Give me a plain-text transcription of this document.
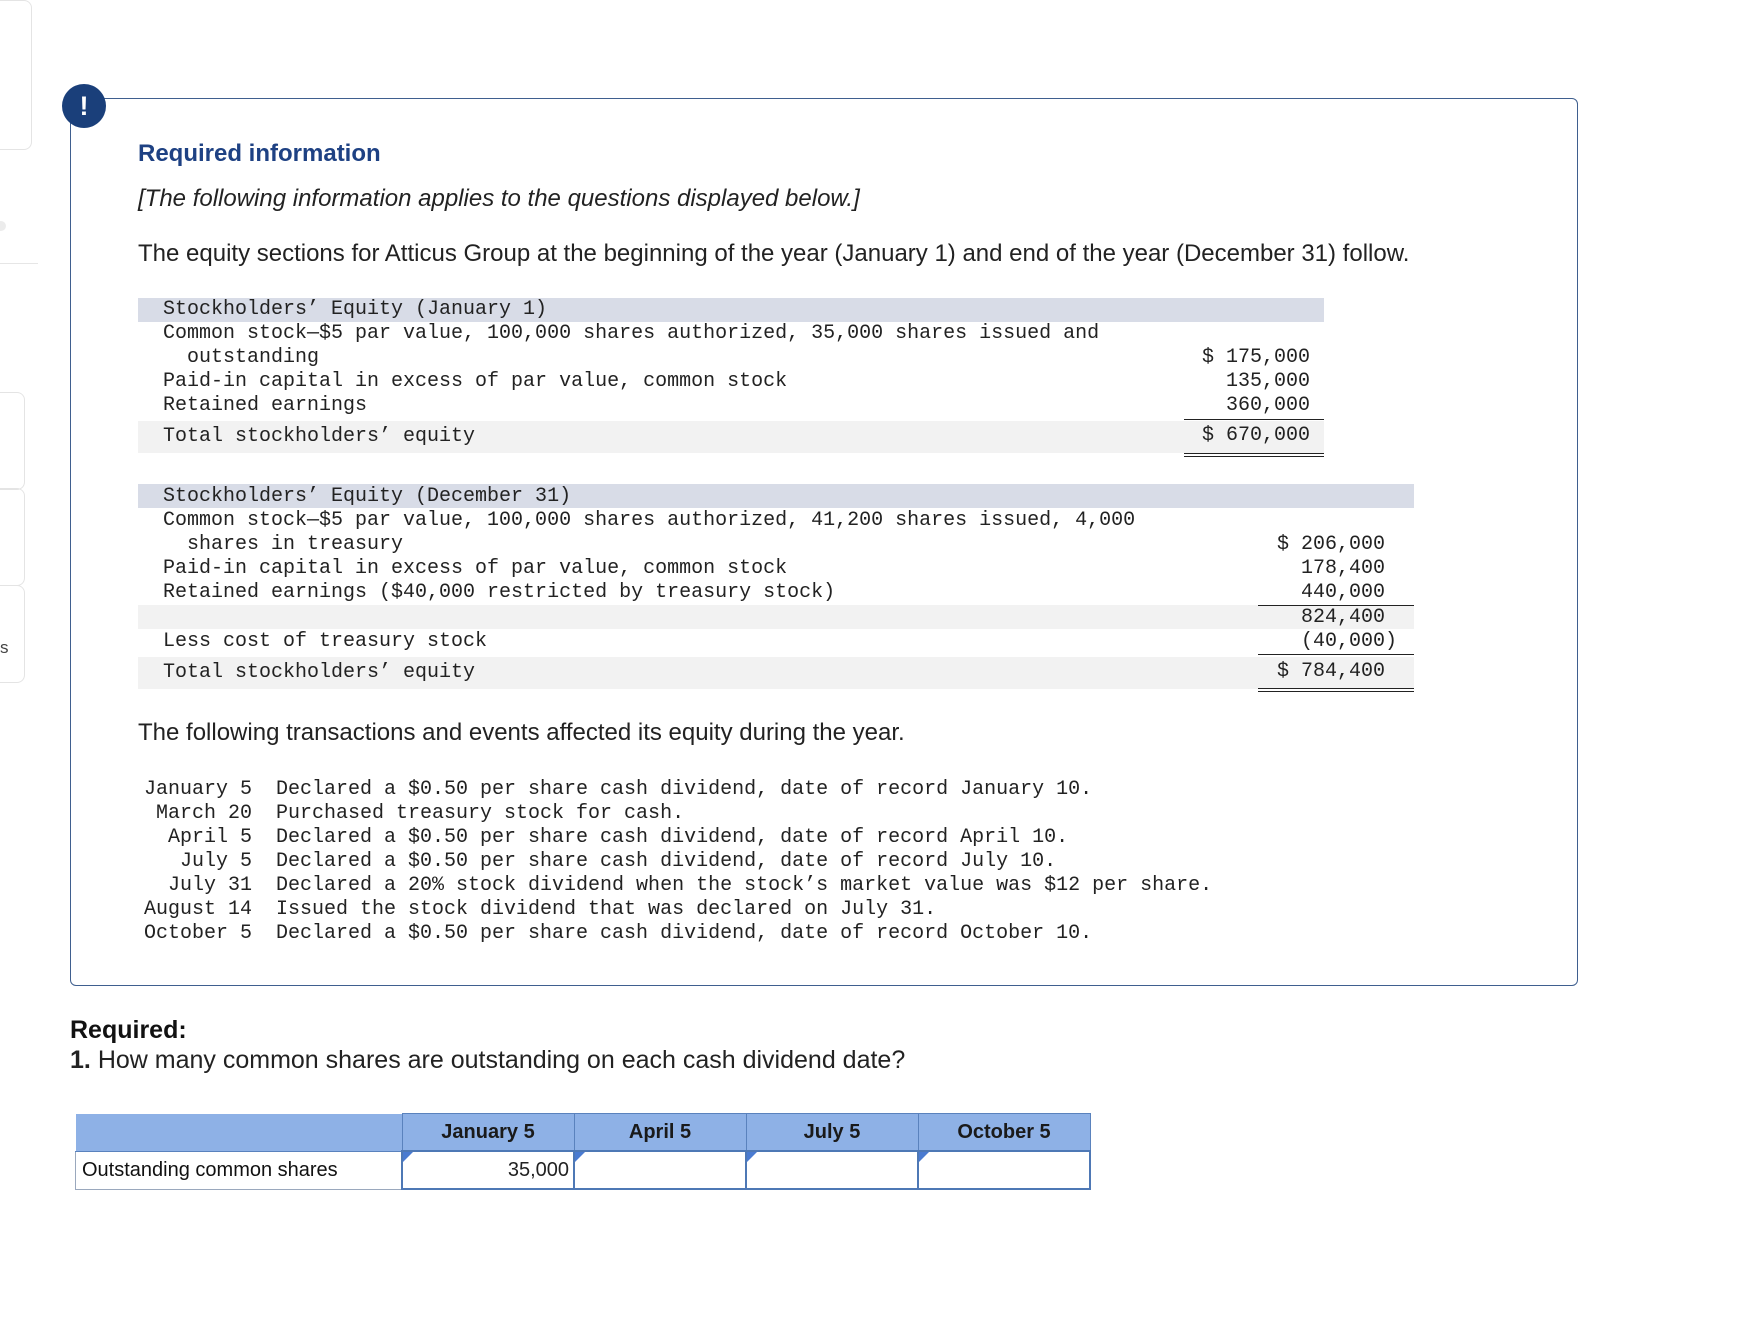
s
!
Required information
[The following information applies to the questions displayed below.]
The equity sections for Atticus Group at the beginning of the year (January 1) and end of the year (December 31) follow.
Stockholders’ Equity (January 1)
Common stock—$5 par value, 100,000 shares authorized, 35,000 shares issued and
outstanding	$ 175,000
Paid-in capital in excess of par value, common stock	135,000
Retained earnings	360,000
Total stockholders’ equity	$ 670,000
Stockholders’ Equity (December 31)
Common stock—$5 par value, 100,000 shares authorized, 41,200 shares issued, 4,000
shares in treasury	$ 206,000
Paid-in capital in excess of par value, common stock	178,400
Retained earnings ($40,000 restricted by treasury stock)	440,000
824,400
Less cost of treasury stock	(40,000)
Total stockholders’ equity	$ 784,400
The following transactions and events affected its equity during the year.
January 5 Declared a $0.50 per share cash dividend, date of record January 10.
March 20 Purchased treasury stock for cash.
April 5 Declared a $0.50 per share cash dividend, date of record April 10.
July 5 Declared a $0.50 per share cash dividend, date of record July 10.
July 31 Declared a 20% stock dividend when the stock’s market value was $12 per share.
August 14 Issued the stock dividend that was declared on July 31.
October 5 Declared a $0.50 per share cash dividend, date of record October 10.
Required:
1. How many common shares are outstanding on each cash dividend date?
	January 5	April 5	July 5	October 5
Outstanding common shares	35,000	
